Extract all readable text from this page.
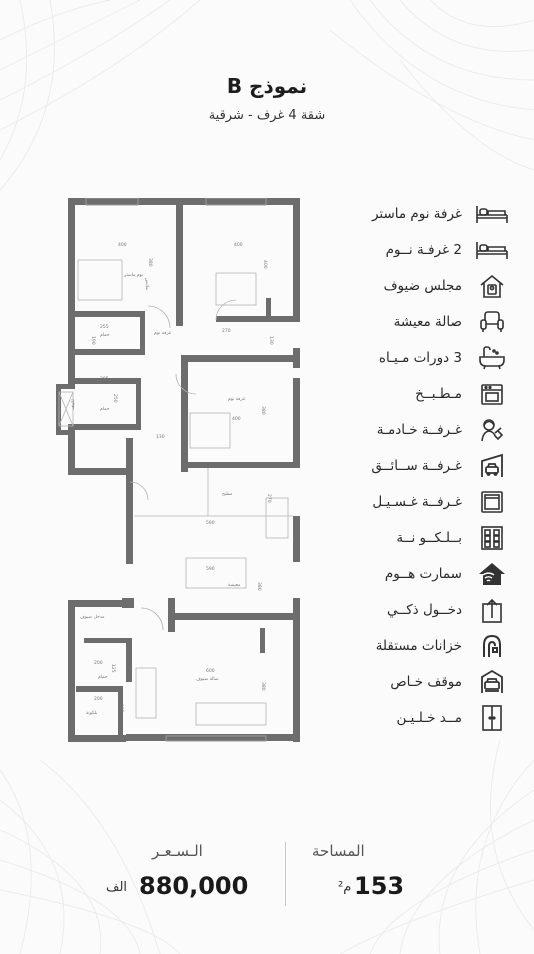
نموذج B
شقة 4 غرف - شرقية
400
380
نوم ماستر
ملابس
400
400
255
حمام
190
270
130
غرفة نوم
295
250
تكييف	حمام
400
380
غرفة نوم
130
مطبخ	270
590
590
معيشة	380
مدخل ضيوف
200
حمام
125	600
صالة ضيوف
380
200
بلكونة
125
غرفة نوم ماستر
2 غرفـة نــوم
مجلس ضيوف
صالة معيشة
3 دورات مـيـاه
مـطـبــخ
غـرفــة خـادمـة
غـرفــة ســائــق
غـرفــة غـسـيـل
بــلـكــو نــة
سمارت هــوم
دخــول ذكــي
خزانات مستقلة
موقف خـاص
مــد خـلـيـن
الـسـعـر
880,000
الف
المساحة
م² 153
